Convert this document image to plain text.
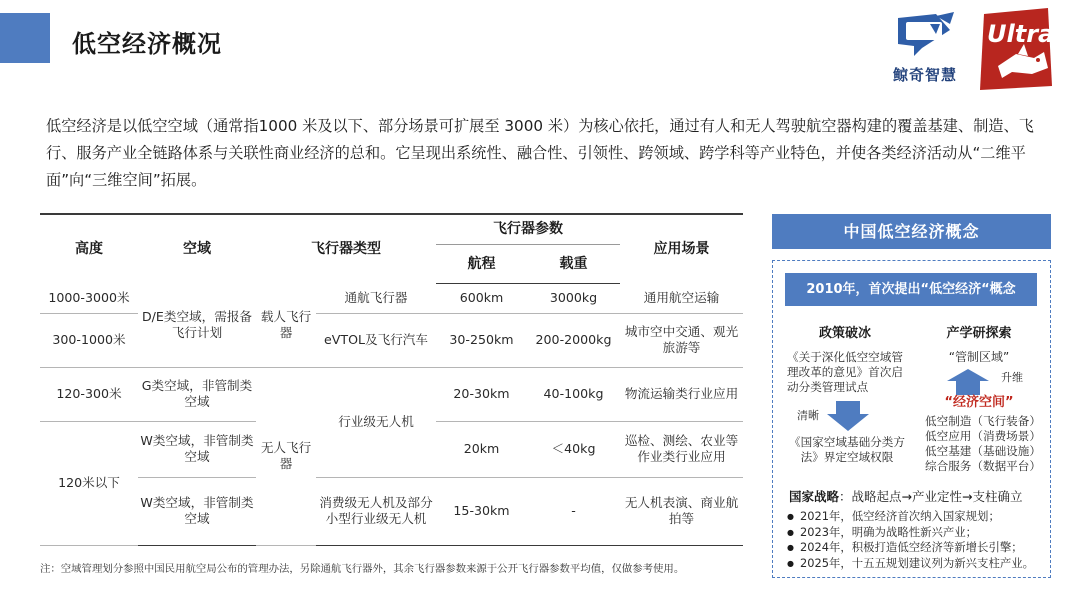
低空经济概况
鲸奇智慧
Ultra
低空经济是以低空空域（通常指1000 米及以下、部分场景可扩展至 3000 米）为核心依托，通过有人和无人驾驶航空器构建的覆盖基建、制造、飞行、服务产业全链路体系与关联性商业经济的总和。它呈现出系统性、融合性、引领性、跨领域、跨学科等产业特色，并使各类经济活动从“二维平面”向“三维空间”拓展。
高度	空域	飞行器类型		飞行器参数		应用场景
				航程	载重	
1000-3000米	D/E类空域，需报备飞行计划	载人飞行器	通航飞行器	600km	3000kg	通用航空运输
300-1000米			eVTOL及飞行汽车	30-250km	200-2000kg	城市空中交通、观光旅游等
120-300米	G类空域，非管制类空域	无人飞行器	行业级无人机	20-30km	40-100kg	物流运输类行业应用
120米以下	W类空域，非管制类空域			20km	＜40kg	巡检、测绘、农业等作业类行业应用
	W类空域，非管制类空域		消费级无人机及部分小型行业级无人机	15-30km	-	无人机表演、商业航拍等
注：空域管理划分参照中国民用航空局公布的管理办法，另除通航飞行器外，其余飞行器参数来源于公开飞行器参数平均值，仅做参考使用。
中国低空经济概念
2010年，首次提出“低空经济“概念
政策破冰	产学研探索
《关于深化低空空域管理改革的意见》首次启动分类管理试点
清晰
《国家空域基础分类方法》界定空域权限
“管制区域”
升维
“经济空间”
低空制造（飞行装备）
低空应用（消费场景）
低空基建（基础设施）
综合服务（数据平台）
国家战略：战略起点→产业定性→支柱确立
● 2021年，低空经济首次纳入国家规划；
● 2023年，明确为战略性新兴产业；
● 2024年，积极打造低空经济等新增长引擎；
● 2025年，十五五规划建议列为新兴支柱产业。
